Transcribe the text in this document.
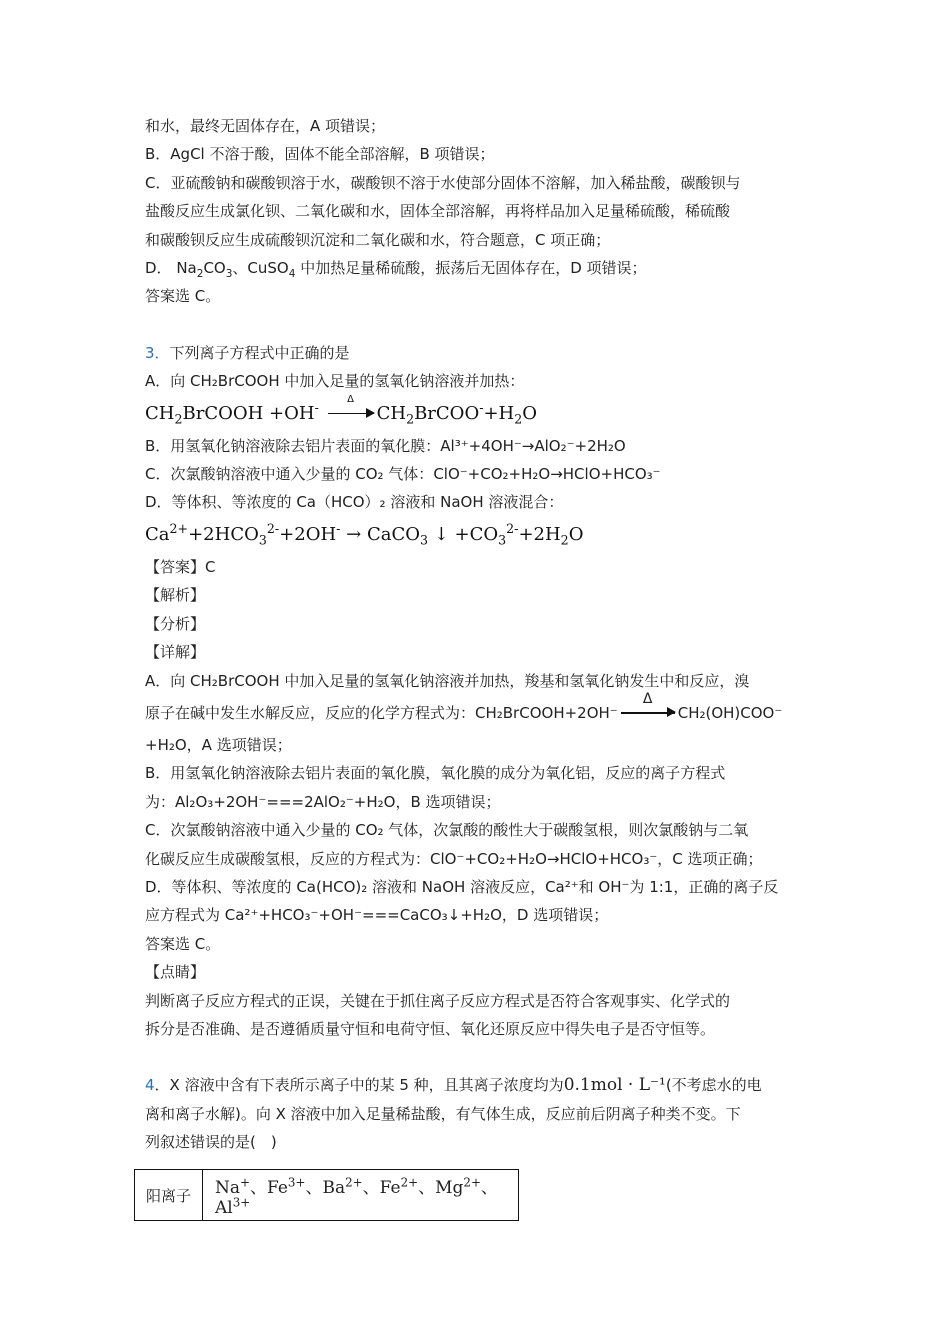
和水，最终无固体存在，A 项错误；
B．AgCl 不溶于酸，固体不能全部溶解，B 项错误；
C．亚硫酸钠和碳酸钡溶于水，碳酸钡不溶于水使部分固体不溶解，加入稀盐酸，碳酸钡与
盐酸反应生成氯化钡、二氧化碳和水，固体全部溶解，再将样品加入足量稀硫酸，稀硫酸
和碳酸钡反应生成硫酸钡沉淀和二氧化碳和水，符合题意，C 项正确；
D． $Na_2CO_3$、CuSO$_4$ 中加热足量稀硫酸，振荡后无固体存在，D 项错误；
答案选 C。
3．下列离子方程式中正确的是
A．向 CH₂BrCOOH 中加入足量的氢氧化钠溶液并加热：
$CH_2BrCOOH +OH^-$
Δ
$CH_2BrCOO^-+H_2O$
B．用氢氧化钠溶液除去铝片表面的氧化膜：Al³⁺+4OH⁻→AlO₂⁻+2H₂O
C．次氯酸钠溶液中通入少量的 CO₂ 气体：ClO⁻+CO₂+H₂O→HClO+HCO₃⁻
D．等体积、等浓度的 Ca（HCO）₂ 溶液和 NaOH 溶液混合：
$Ca^{2+}+2HCO_3^{2-}+2OH^-$ → CaCO$_3$ ↓ $+CO_3^{2-}+2H_2O$
【答案】C
【解析】
【分析】
【详解】
A．向 CH₂BrCOOH 中加入足量的氢氧化钠溶液并加热，羧基和氢氧化钠发生中和反应，溴
原子在碱中发生水解反应，反应的化学方程式为：CH₂BrCOOH+2OH⁻
Δ
CH₂(OH)COO⁻
+H₂O，A 选项错误；
B．用氢氧化钠溶液除去铝片表面的氧化膜，氧化膜的成分为氧化铝，反应的离子方程式
为：Al₂O₃+2OH⁻===2AlO₂⁻+H₂O，B 选项错误；
C．次氯酸钠溶液中通入少量的 CO₂ 气体，次氯酸的酸性大于碳酸氢根，则次氯酸钠与二氧
化碳反应生成碳酸氢根，反应的方程式为：ClO⁻+CO₂+H₂O→HClO+HCO₃⁻，C 选项正确；
D．等体积、等浓度的 Ca(HCO)₂ 溶液和 NaOH 溶液反应，Ca²⁺和 OH⁻为 1:1，正确的离子反
应方程式为 Ca²⁺+HCO₃⁻+OH⁻===CaCO₃↓+H₂O，D 选项错误；
答案选 C。
【点睛】
判断离子反应方程式的正误，关键在于抓住离子反应方程式是否符合客观事实、化学式的
拆分是否准确、是否遵循质量守恒和电荷守恒、氧化还原反应中得失电子是否守恒等。
4．X 溶液中含有下表所示离子中的某 5 种，且其离子浓度均为0.1mol · L⁻¹(不考虑水的电
离和离子水解)。向 X 溶液中加入足量稀盐酸，有气体生成，反应前后阴离子种类不变。下
列叙述错误的是(　)
阳离子	Na+、$Fe^{3+}$、$Ba^{2+}$、$Fe^{2+}$、$Mg^{2+}$、$Al^{3+}$
